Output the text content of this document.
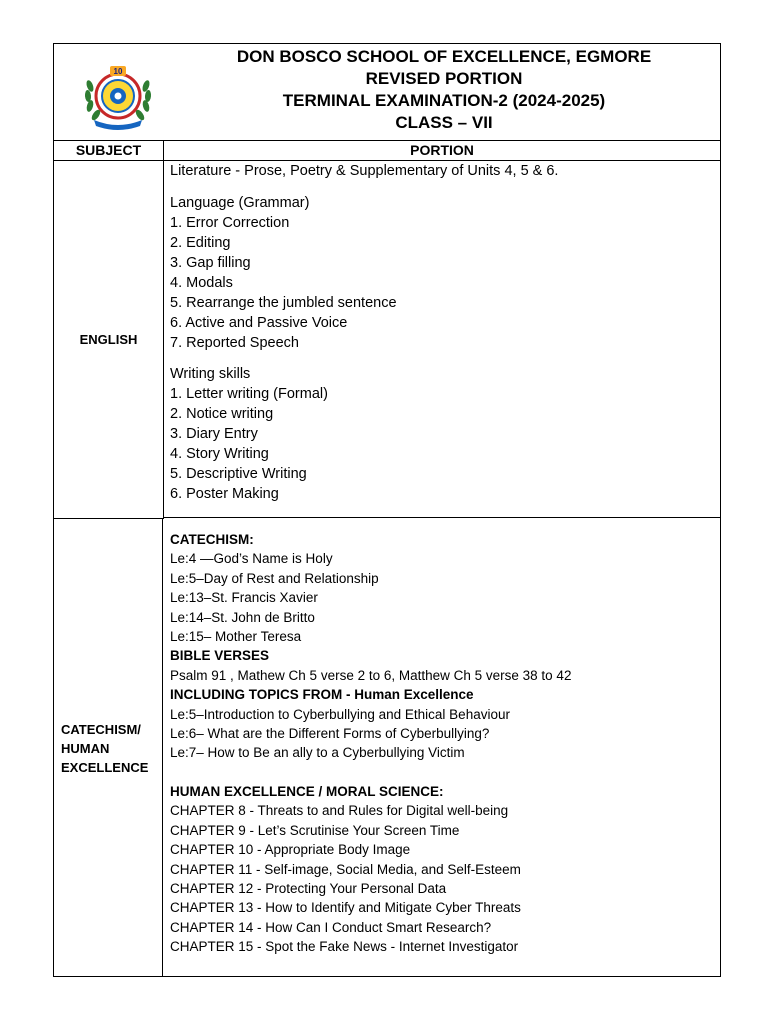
10
DON BOSCO SCHOOL OF EXCELLENCE, EGMORE
REVISED PORTION
TERMINAL EXAMINATION-2 (2024-2025)
CLASS – VII
SUBJECT	PORTION
ENGLISH
Literature - Prose, Poetry & Supplementary of Units 4, 5 & 6.
Language (Grammar)
1. Error Correction
2. Editing
3. Gap filling
4. Modals
5. Rearrange the jumbled sentence
6. Active and Passive Voice
7. Reported Speech
Writing skills
1. Letter writing (Formal)
2. Notice writing
3. Diary Entry
4. Story Writing
5. Descriptive Writing
6. Poster Making
CATECHISM/
HUMAN
EXCELLENCE
CATECHISM:
Le:4 —God’s Name is Holy
Le:5–Day of Rest and Relationship
Le:13–St. Francis Xavier
Le:14–St. John de Britto
Le:15– Mother Teresa
BIBLE VERSES
Psalm 91 , Mathew Ch 5 verse 2 to 6, Matthew Ch 5 verse 38 to 42
INCLUDING TOPICS FROM - Human Excellence
Le:5–Introduction to Cyberbullying and Ethical Behaviour
Le:6– What are the Different Forms of Cyberbullying?
Le:7– How to Be an ally to a Cyberbullying Victim
HUMAN EXCELLENCE / MORAL SCIENCE:
CHAPTER 8 - Threats to and Rules for Digital well-being
CHAPTER 9 - Let’s Scrutinise Your Screen Time
CHAPTER 10 - Appropriate Body Image
CHAPTER 11 - Self-image, Social Media, and Self-Esteem
CHAPTER 12 - Protecting Your Personal Data
CHAPTER 13 - How to Identify and Mitigate Cyber Threats
CHAPTER 14 - How Can I Conduct Smart Research?
CHAPTER 15 - Spot the Fake News - Internet Investigator
